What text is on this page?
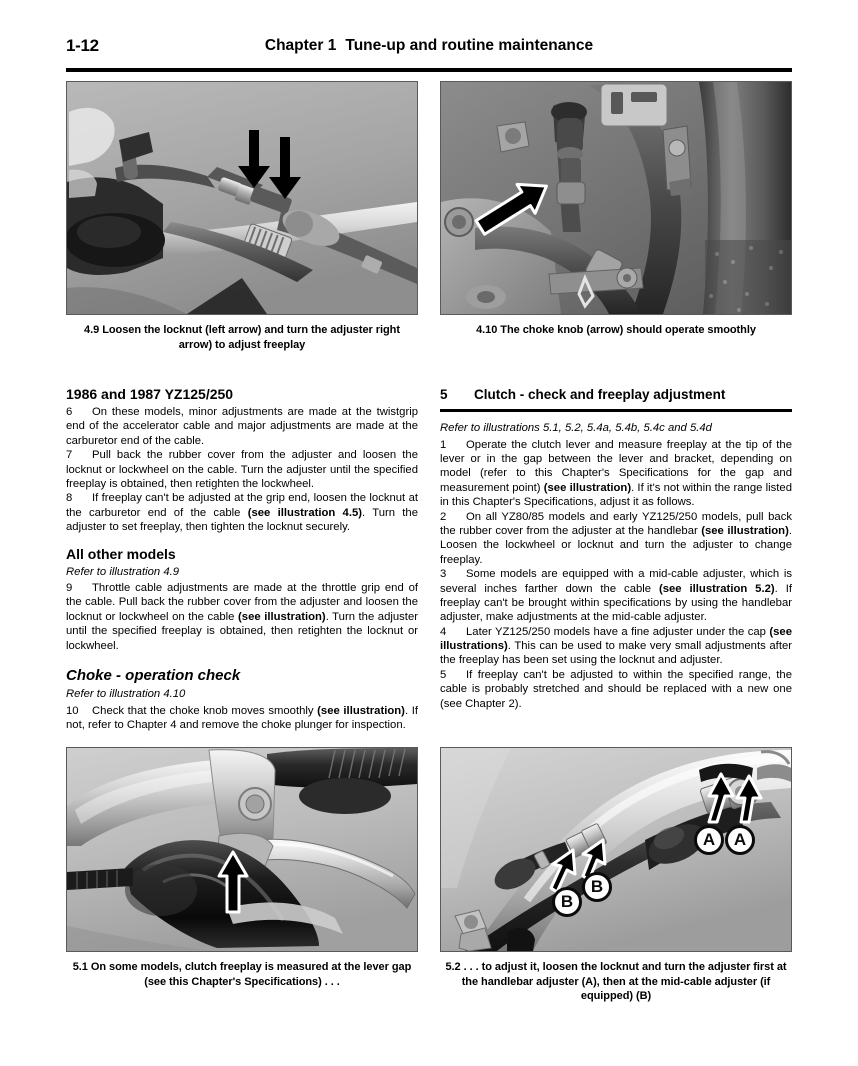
1-12	Chapter 1 Tune-up and routine maintenance
4.9 Loosen the locknut (left arrow) and turn the adjuster right arrow) to adjust freeplay
4.10 The choke knob (arrow) should operate smoothly
1986 and 1987 YZ125/250

6 On these models, minor adjustments are made at the twistgrip end of the accelerator cable and major adjustments are made at the carburetor end of the cable.

7 Pull back the rubber cover from the adjuster and loosen the locknut or lockwheel on the cable. Turn the adjuster until the specified freeplay is obtained, then retighten the lockwheel.

8 If freeplay can't be adjusted at the grip end, loosen the locknut at the carburetor end of the cable (see illustration 4.5). Turn the adjuster to set freeplay, then tighten the locknut securely.

All other models
Refer to illustration 4.9

9 Throttle cable adjustments are made at the throttle grip end of the cable. Pull back the rubber cover from the adjuster and loosen the locknut or lockwheel on the cable (see illustration). Turn the adjuster until the specified freeplay is obtained, then retighten the locknut or lockwheel.

Choke - operation check
Refer to illustration 4.10

10 Check that the choke knob moves smoothly (see illustration). If not, refer to Chapter 4 and remove the choke plunger for inspection.

5	Clutch - check and freeplay adjustment
Refer to illustrations 5.1, 5.2, 5.4a, 5.4b, 5.4c and 5.4d

1 Operate the clutch lever and measure freeplay at the tip of the lever or in the gap between the lever and bracket, depending on model (refer to this Chapter's Specifications for the gap and measurement point) (see illustration). If it's not within the range listed in this Chapter's Specifications, adjust it as follows.

2 On all YZ80/85 models and early YZ125/250 models, pull back the rubber cover from the adjuster at the handlebar (see illustration). Loosen the lockwheel or locknut and turn the adjuster to change freeplay.

3 Some models are equipped with a mid-cable adjuster, which is several inches farther down the cable (see illustration 5.2). If freeplay can't be brought within specifications by using the handlebar adjuster, make adjustments at the mid-cable adjuster.

4 Later YZ125/250 models have a fine adjuster under the cap (see illustrations). This can be used to make very small adjustments after the freeplay has been set using the locknut and adjuster.

5 If freeplay can't be adjusted to within the specified range, the cable is probably stretched and should be replaced with a new one (see Chapter 2).

5.1 On some models, clutch freeplay is measured at the lever gap (see this Chapter's Specifications) . . .
A	A
B
B
5.2 . . . to adjust it, loosen the locknut and turn the adjuster first at the handlebar adjuster (A), then at the mid-cable adjuster (if equipped) (B)
